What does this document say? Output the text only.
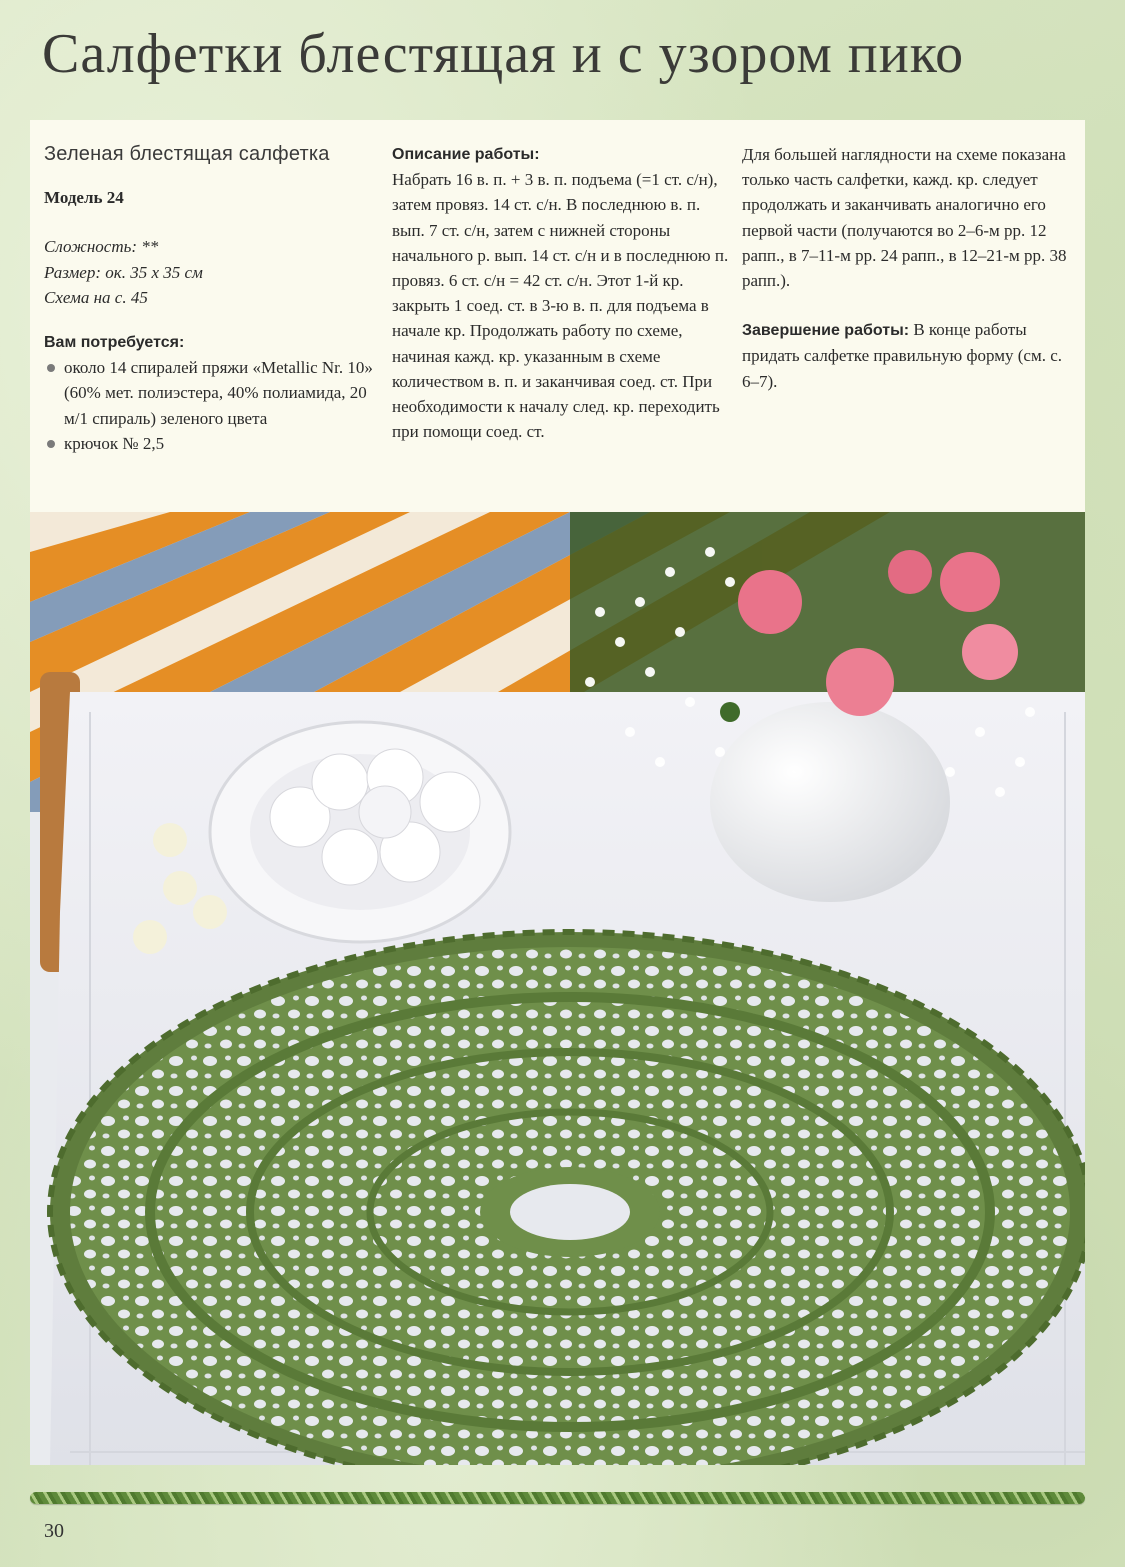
Салфетки блестящая и с узором пико
Зеленая блестящая салфетка

Модель 24

Сложность: **

Размер: ок. 35 х 35 см

Схема на с. 45

Вам потребуется:

около 14 спиралей пряжи «Metallic Nr. 10» (60% мет. полиэстера, 40% полиамида, 20 м/1 спираль) зеленого цвета
крючок № 2,5

Описание работы:

Набрать 16 в. п. + 3 в. п. подъема (=1 ст. с/н), затем провяз. 14 ст. с/н. В последнюю в. п. вып. 7 ст. с/н, затем с нижней стороны начального р. вып. 14 ст. с/н и в последнюю п. провяз. 6 ст. с/н = 42 ст. с/н. Этот 1-й кр. закрыть 1 соед. ст. в 3-ю в. п. для подъема в начале кр. Продолжать работу по схеме, начиная кажд. кр. указанным в схеме количеством в. п. и заканчивая соед. ст. При необходимости к началу след. кр. переходить при помощи соед. ст.

Для большей наглядности на схеме показана только часть салфетки, кажд. кр. следует продолжать и заканчивать аналогично его первой части (получаются во 2–6-м рр. 12 рапп., в 7–11-м рр. 24 рапп., в 12–21-м рр. 38 рапп.).

Завершение работы: В конце работы придать салфетке правильную форму (см. с. 6–7).

30
